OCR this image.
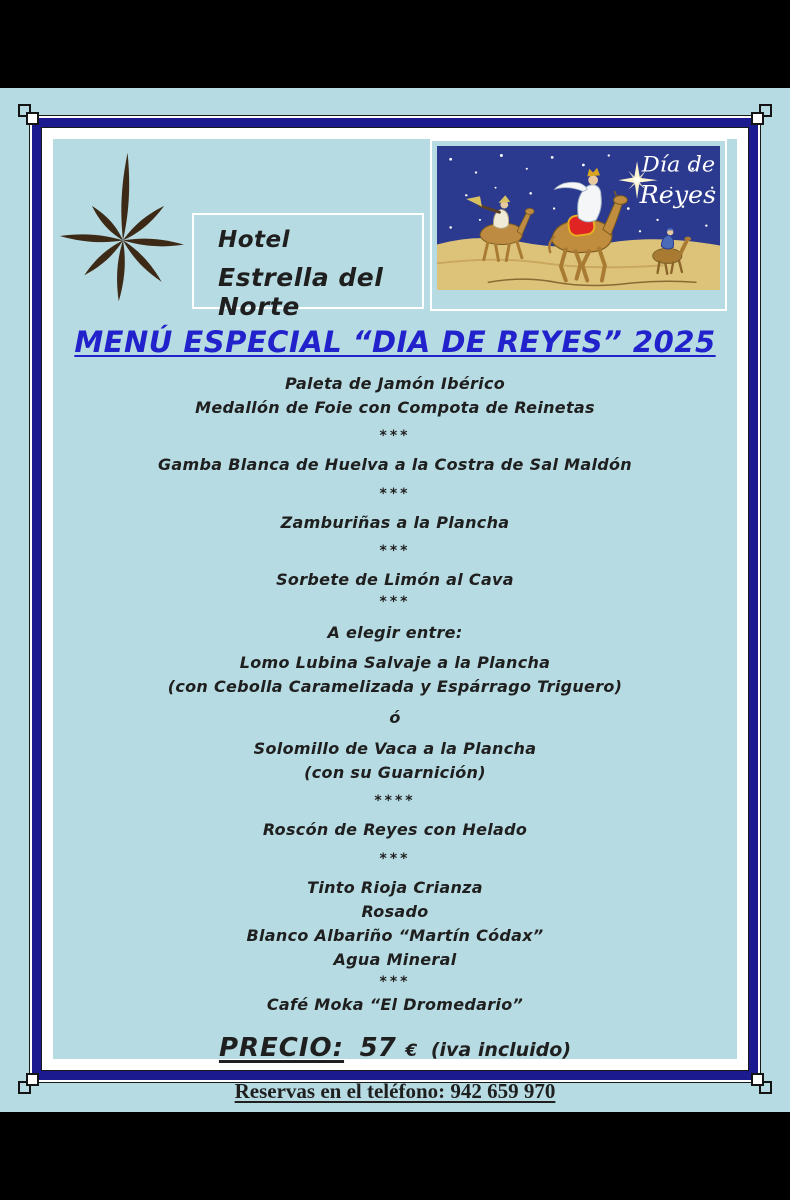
Hotel
Estrella del Norte
Día de
Reyes
MENÚ ESPECIAL “DIA DE REYES” 2025
Paleta de Jamón Ibérico
Medallón de Foie con Compota de Reinetas
***
Gamba Blanca de Huelva a la Costra de Sal Maldón
***
Zamburiñas a la Plancha
***
Sorbete de Limón al Cava
***
A elegir entre:
Lomo Lubina Salvaje a la Plancha
(con Cebolla Caramelizada y Espárrago Triguero)
ó
Solomillo de Vaca a la Plancha
(con su Guarnición)
****
Roscón de Reyes con Helado
***
Tinto Rioja Crianza
Rosado
Blanco Albariño “Martín Códax”
Agua Mineral
***
Café Moka “El Dromedario”
PRECIO: 57 € (iva incluido)
Reservas en el teléfono: 942 659 970
